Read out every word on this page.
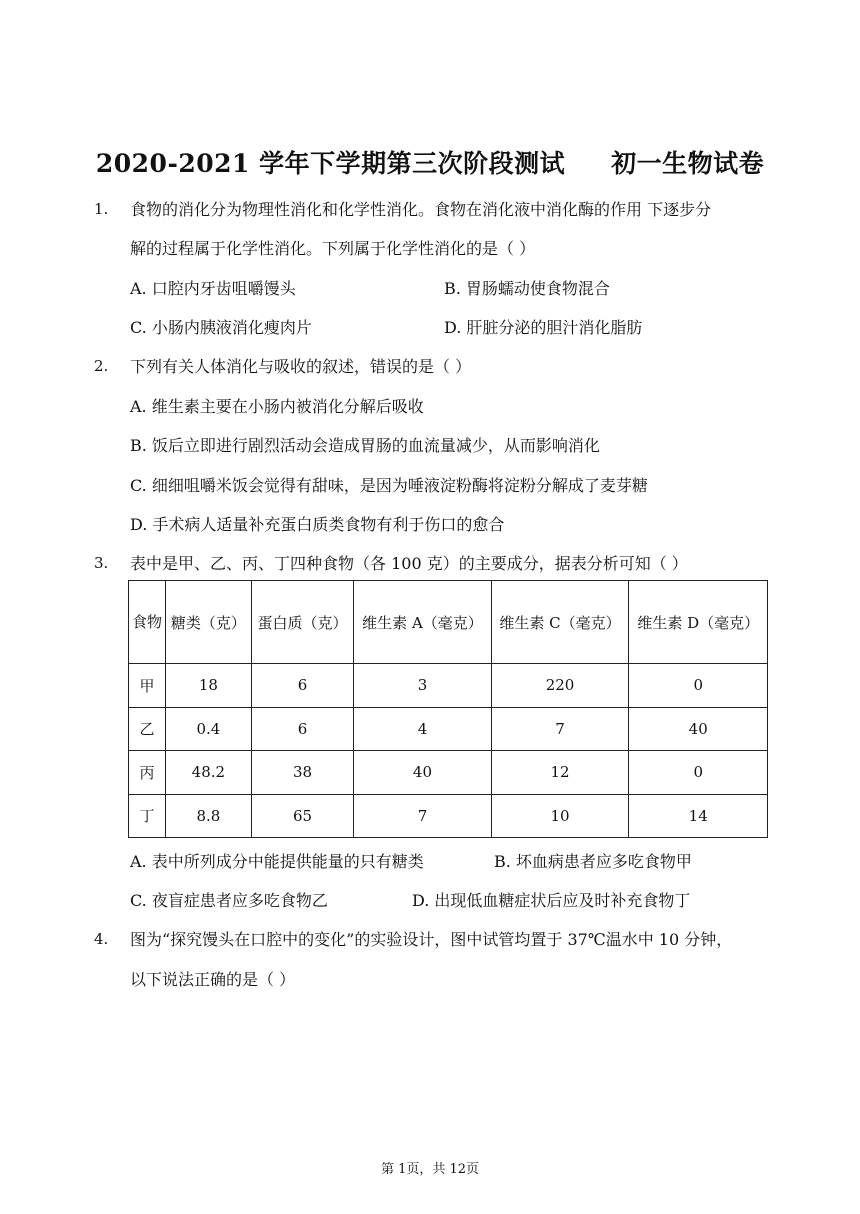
2020-2021 学年下学期第三次阶段测试     初一生物试卷
1. 食物的消化分为物理性消化和化学性消化。食物在消化液中消化酶的作用 下逐步分
解的过程属于化学性消化。下列属于化学性消化的是（ ）
A. 口腔内牙齿咀嚼馒头	B. 胃肠蠕动使食物混合
C. 小肠内胰液消化瘦肉片	D. 肝脏分泌的胆汁消化脂肪
2. 下列有关人体消化与吸收的叙述，错误的是（ ）
A. 维生素主要在小肠内被消化分解后吸收
B. 饭后立即进行剧烈活动会造成胃肠的血流量减少，从而影响消化
C. 细细咀嚼米饭会觉得有甜味，是因为唾液淀粉酶将淀粉分解成了麦芽糖
D. 手术病人适量补充蛋白质类食物有利于伤口的愈合
3. 表中是甲、乙、丙、丁四种食物（各 100 克）的主要成分，据表分析可知（ ）
食物	糖类（克）	蛋白质（克）	维生素 A（毫克）	维生素 C（毫克）	维生素 D（毫克）
甲	18	6	3	220	0
乙	0.4	6	4	7	40
丙	48.2	38	40	12	0
丁	8.8	65	7	10	14
A. 表中所列成分中能提供能量的只有糖类	B. 坏血病患者应多吃食物甲
C. 夜盲症患者应多吃食物乙	D. 出现低血糖症状后应及时补充食物丁
4. 图为“探究馒头在口腔中的变化”的实验设计，图中试管均置于 37℃温水中 10 分钟，
以下说法正确的是（ ）
第 1页，共 12页
